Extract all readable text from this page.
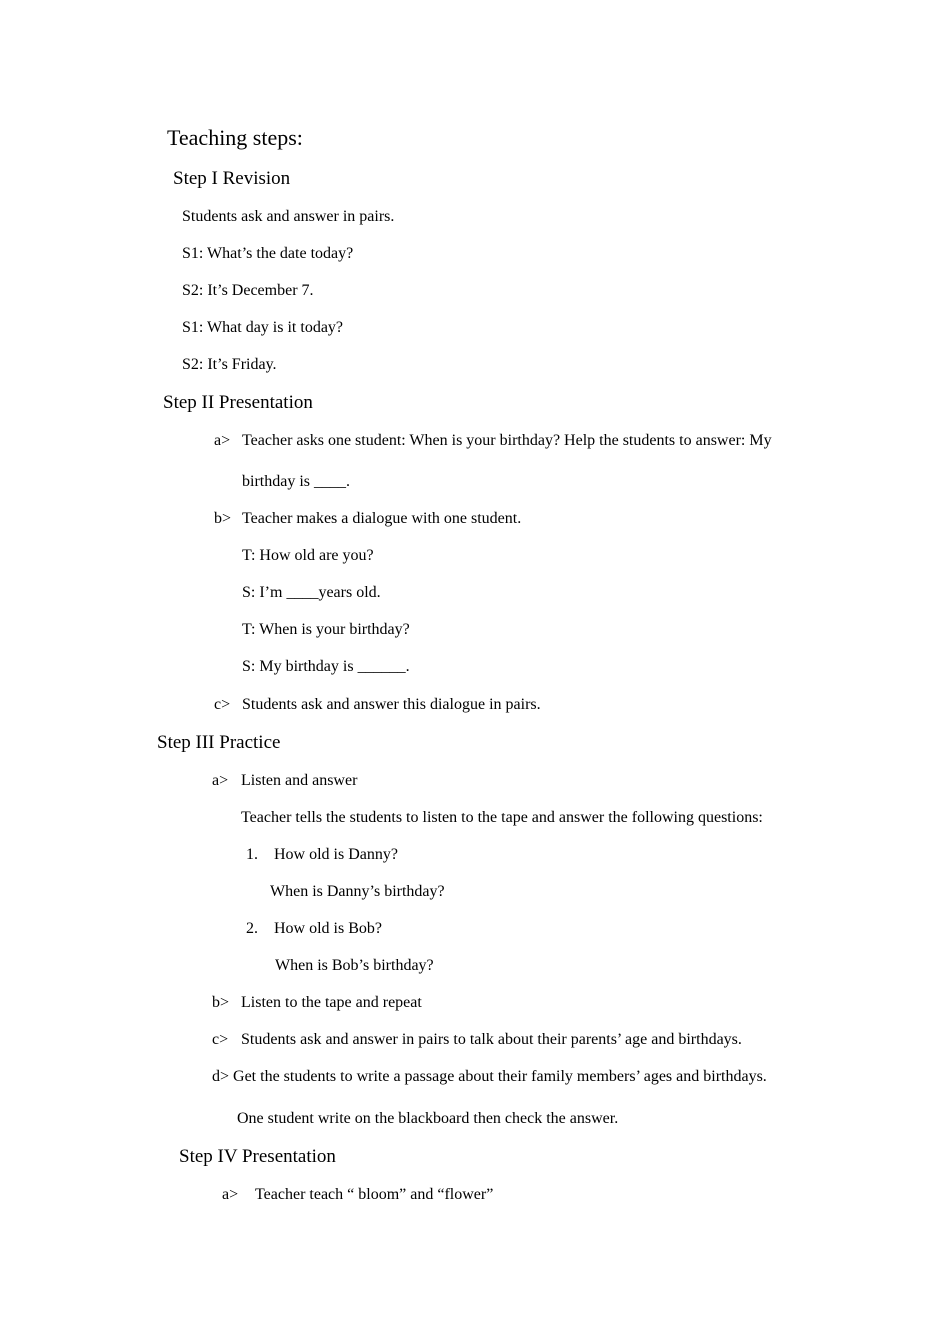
Teaching steps:
Step I Revision
Students ask and answer in pairs.
S1: What’s the date today?
S2: It’s December 7.
S1: What day is it today?
S2: It’s Friday.
Step II Presentation
a> Teacher asks one student: When is your birthday? Help the students to answer: My
birthday is ____.
b> Teacher makes a dialogue with one student.
T: How old are you?
S: I’m ____years old.
T: When is your birthday?
S: My birthday is ______.
c> Students ask and answer this dialogue in pairs.
Step III Practice
a> Listen and answer
Teacher tells the students to listen to the tape and answer the following questions:
1. How old is Danny?
When is Danny’s birthday?
2. How old is Bob?
When is Bob’s birthday?
b> Listen to the tape and repeat
c> Students ask and answer in pairs to talk about their parents’ age and birthdays.
d> Get the students to write a passage about their family members’ ages and birthdays.
One student write on the blackboard then check the answer.
Step IV Presentation
a> Teacher teach “ bloom” and “flower”
